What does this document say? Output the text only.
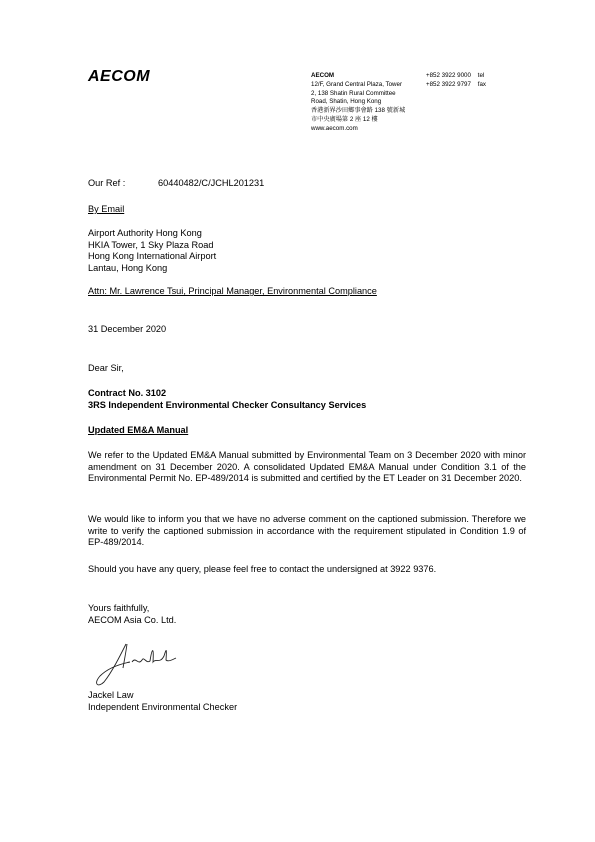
AECOM	AECOM
12/F, Grand Central Plaza, Tower
2, 138 Shatin Rural Committee
Road, Shatin, Hong Kong
香港新界沙田鄉事會路 138 號新城
市中央廣場第 2 座 12 樓
www.aecom.com
+852 3922 9000 tel
+852 3922 9797 fax
Our Ref :	60440482/C/JCHL201231
By Email
Airport Authority Hong Kong
HKIA Tower, 1 Sky Plaza Road
Hong Kong International Airport
Lantau, Hong Kong
Attn: Mr. Lawrence Tsui, Principal Manager, Environmental Compliance
31 December 2020
Dear Sir,
Contract No. 3102
3RS Independent Environmental Checker Consultancy Services
Updated EM&A Manual
We refer to the Updated EM&A Manual submitted by Environmental Team on 3 December 2020 with minor amendment on 31 December 2020. A consolidated Updated EM&A Manual under Condition 3.1 of the Environmental Permit No. EP-489/2014 is submitted and certified by the ET Leader on 31 December 2020.
We would like to inform you that we have no adverse comment on the captioned submission. Therefore we write to verify the captioned submission in accordance with the requirement stipulated in Condition 1.9 of EP-489/2014.
Should you have any query, please feel free to contact the undersigned at 3922 9376.
Yours faithfully,
AECOM Asia Co. Ltd.
Jackel Law
Independent Environmental Checker
